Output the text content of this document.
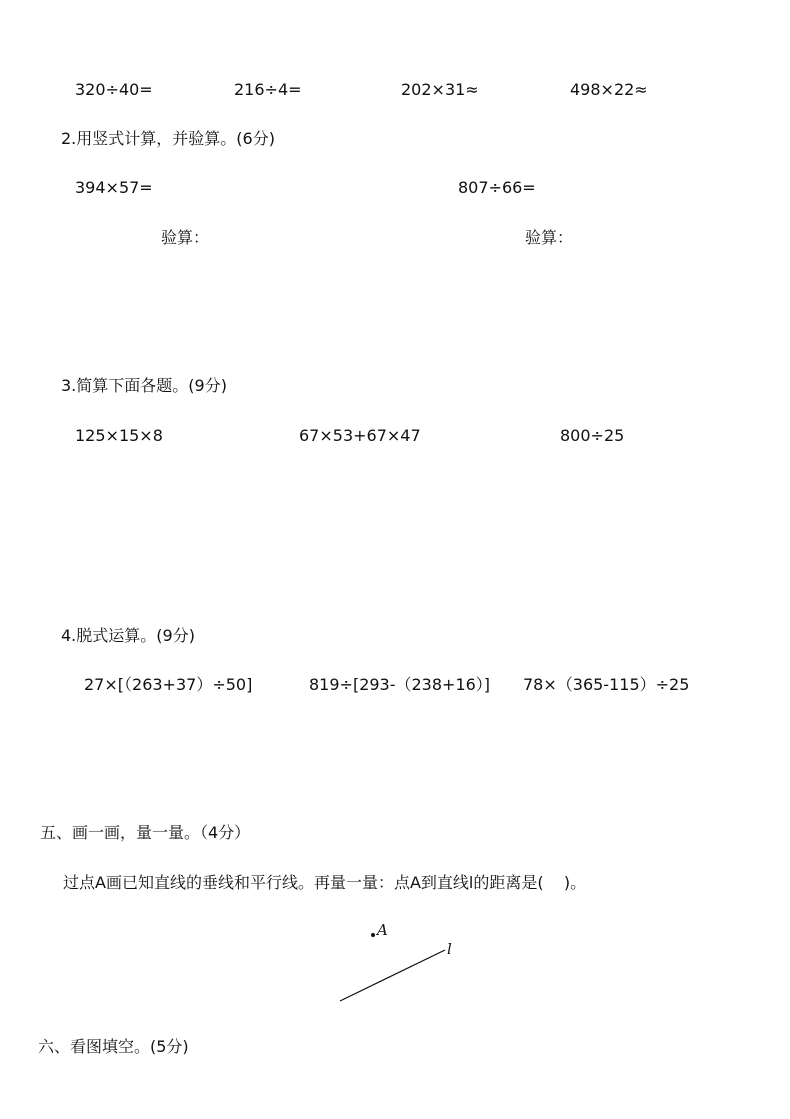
320÷40=	216÷4=	202×31≈	498×22≈
2.用竖式计算，并验算。(6分)
394×57=	807÷66=
验算：	验算：
3.简算下面各题。(9分)
125×15×8	67×53+67×47	800÷25
4.脱式运算。(9分)
27×[（263+37）÷50]	819÷[293-（238+16）] 78×（365-115）÷25
五、画一画，量一量。（4分）
过点A画已知直线的垂线和平行线。再量一量：点A到直线l的距离是(    )。
A
l
六、看图填空。(5分)
